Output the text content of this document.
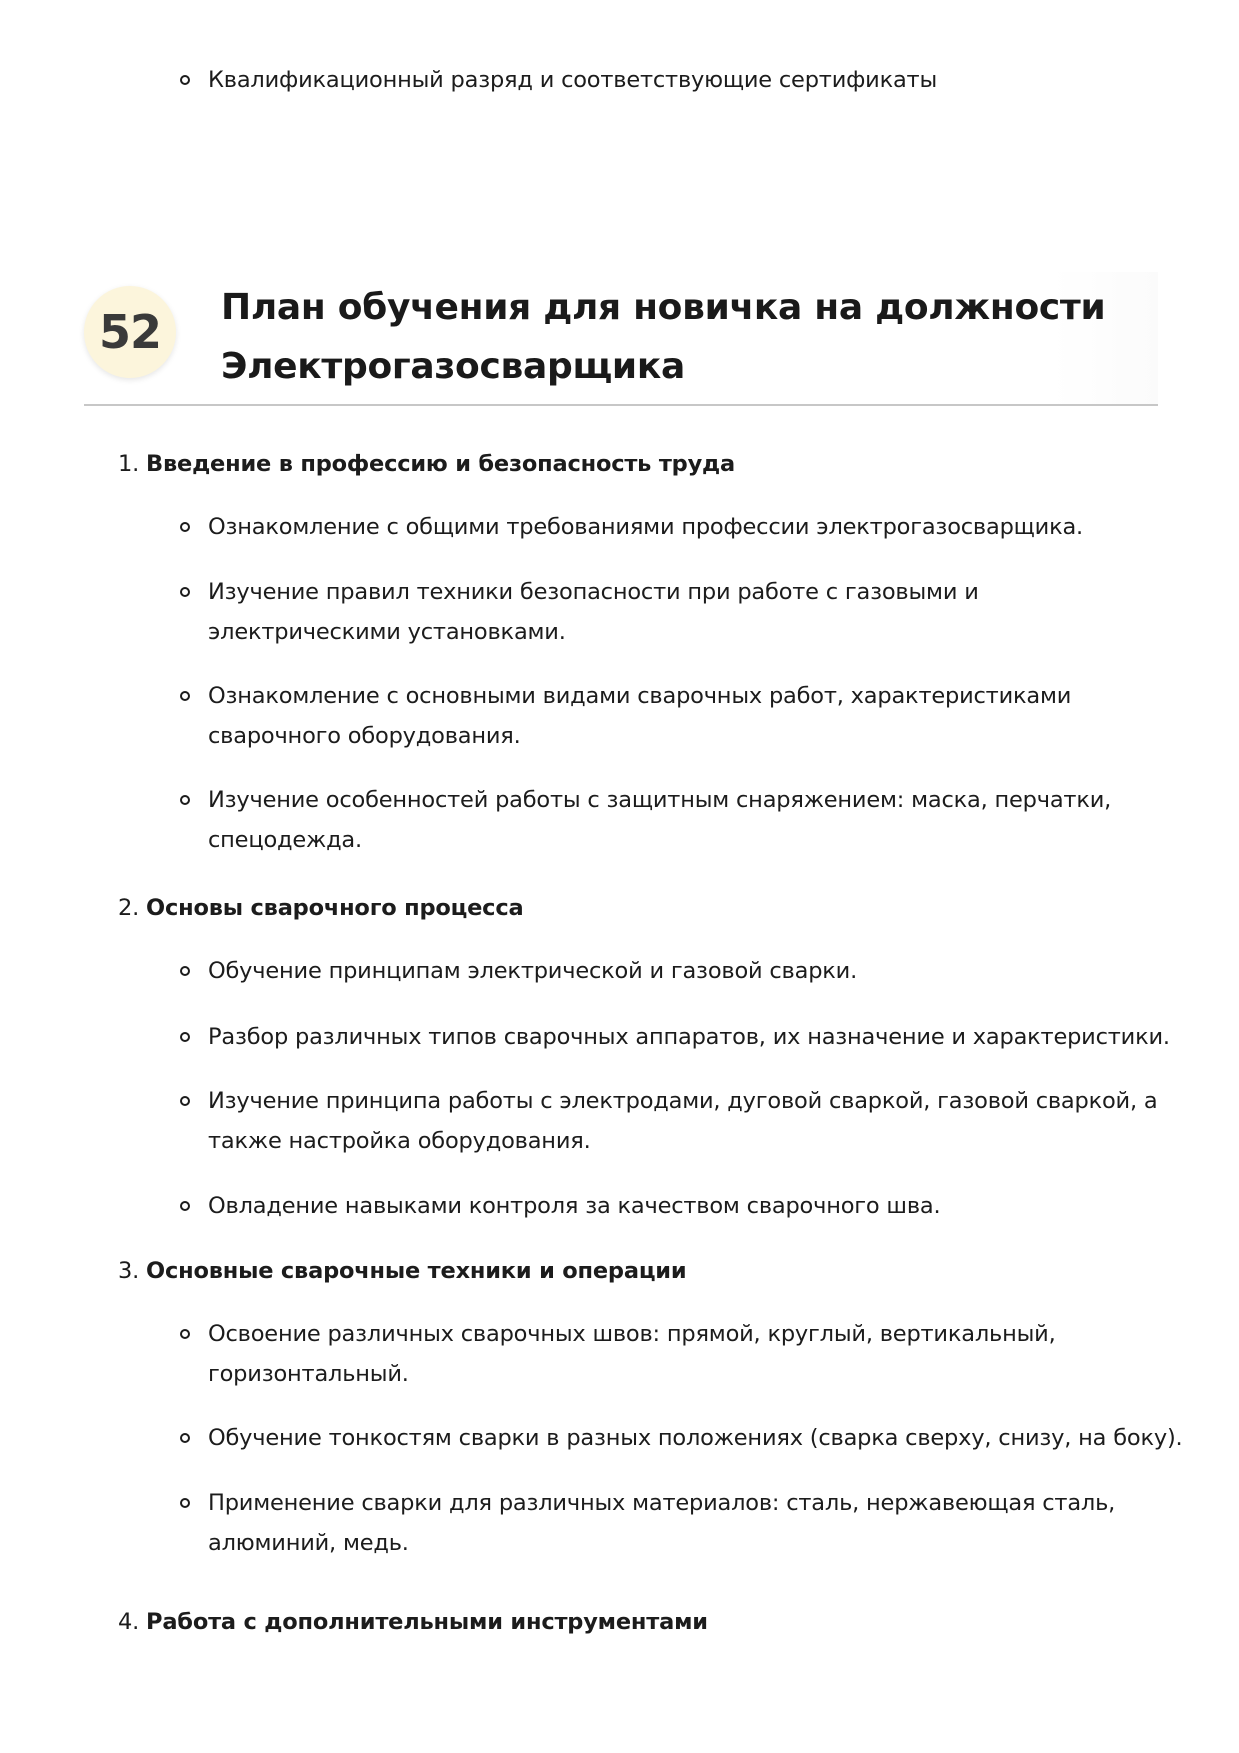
Квалификационный разряд и соответствующие сертификаты
52 План обучения для новичка на должности
Электрогазосварщика
1. Введение в профессию и безопасность труда
Ознакомление с общими требованиями профессии электрогазосварщика.
Изучение правил техники безопасности при работе с газовыми и
электрическими установками.
Ознакомление с основными видами сварочных работ, характеристиками
сварочного оборудования.
Изучение особенностей работы с защитным снаряжением: маска, перчатки,
спецодежда.
2. Основы сварочного процесса
Обучение принципам электрической и газовой сварки.
Разбор различных типов сварочных аппаратов, их назначение и характеристики.
Изучение принципа работы с электродами, дуговой сваркой, газовой сваркой, а
также настройка оборудования.
Овладение навыками контроля за качеством сварочного шва.
3. Основные сварочные техники и операции
Освоение различных сварочных швов: прямой, круглый, вертикальный,
горизонтальный.
Обучение тонкостям сварки в разных положениях (сварка сверху, снизу, на боку).
Применение сварки для различных материалов: сталь, нержавеющая сталь,
алюминий, медь.
4. Работа с дополнительными инструментами
